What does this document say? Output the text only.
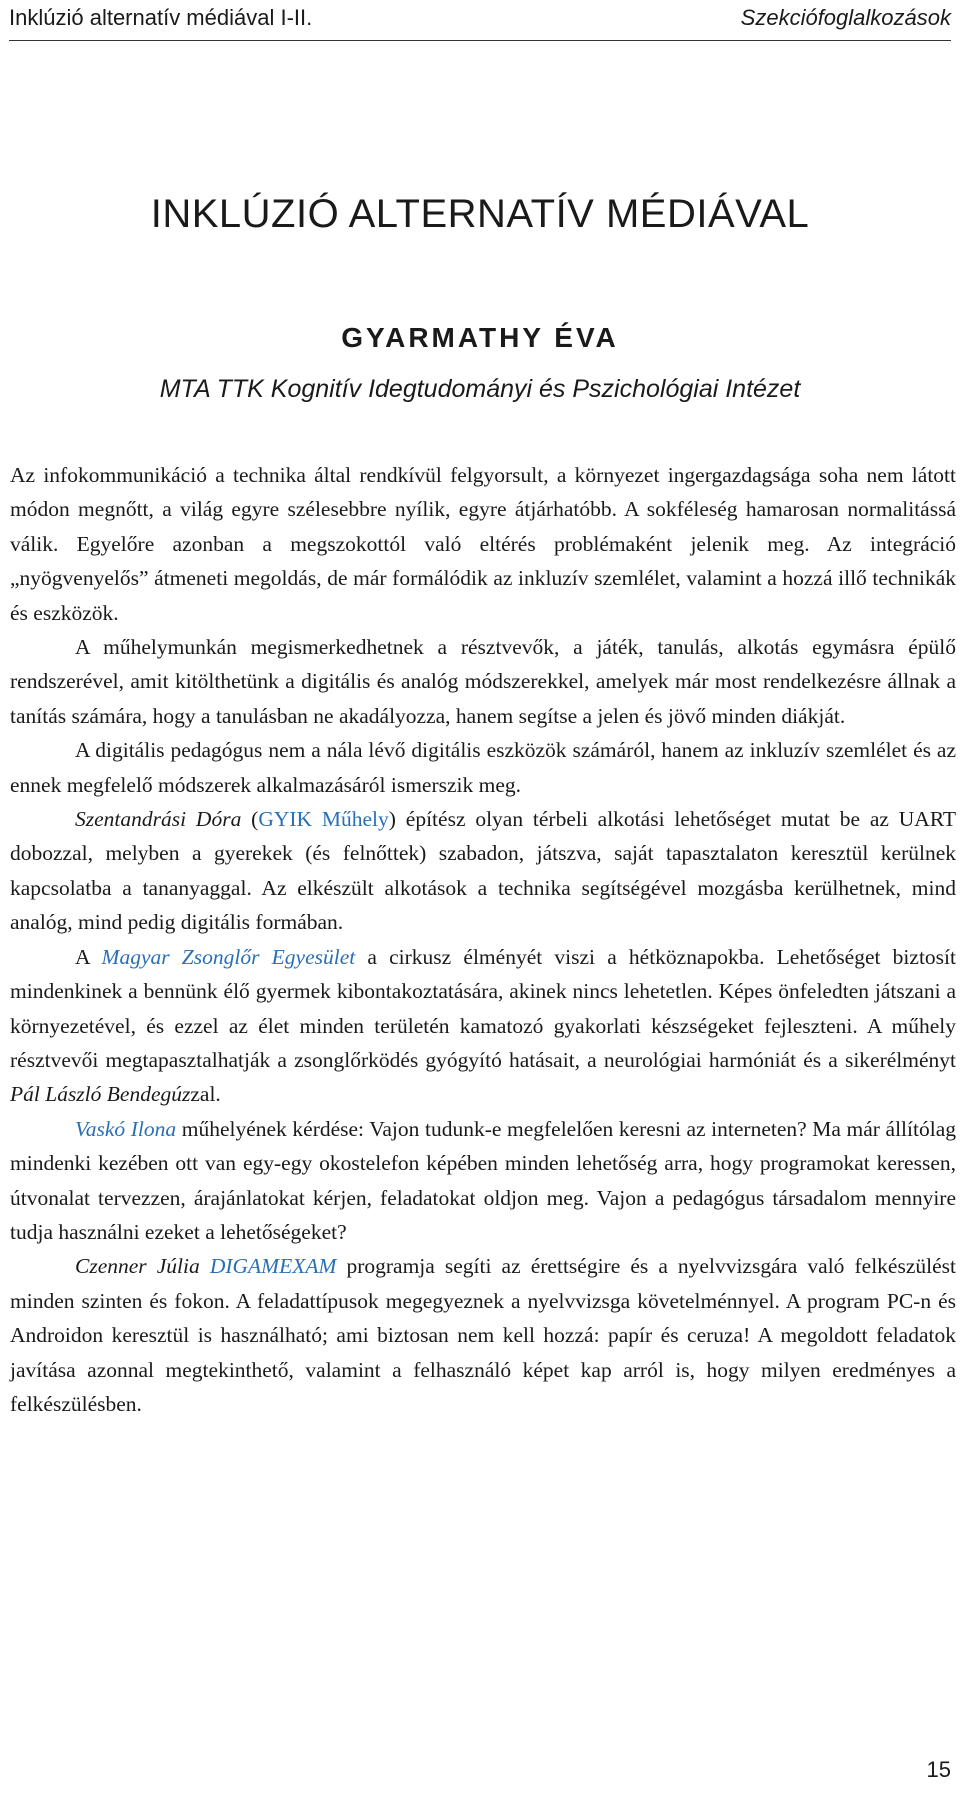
Inklúzió alternatív médiával I-II.	Szekciófoglalkozások
INKLÚZIÓ ALTERNATÍV MÉDIÁVAL
GYARMATHY ÉVA
MTA TTK Kognitív Idegtudományi és Pszichológiai Intézet

Az infokommunikáció a technika által rendkívül felgyorsult, a környezet ingergazdagsága soha nem látott módon megnőtt, a világ egyre szélesebbre nyílik, egyre átjárhatóbb. A sokféleség hamarosan normalitássá válik. Egyelőre azonban a megszokottól való eltérés problémaként jelenik meg. Az integráció „nyögvenyelős” átmeneti megoldás, de már formálódik az inkluzív szemlélet, valamint a hozzá illő technikák és eszközök.

A műhelymunkán megismerkedhetnek a résztvevők, a játék, tanulás, alkotás egymásra épülő rendszerével, amit kitölthetünk a digitális és analóg módszerekkel, amelyek már most rendelkezésre állnak a tanítás számára, hogy a tanulásban ne akadályozza, hanem segítse a jelen és jövő minden diákját.

A digitális pedagógus nem a nála lévő digitális eszközök számáról, hanem az inkluzív szemlélet és az ennek megfelelő módszerek alkalmazásáról ismerszik meg.

Szentandrási Dóra (GYIK Műhely) építész olyan térbeli alkotási lehetőséget mutat be az UART dobozzal, melyben a gyerekek (és felnőttek) szabadon, játszva, saját tapasztalaton keresztül kerülnek kapcsolatba a tananyaggal. Az elkészült alkotások a technika segítségével mozgásba kerülhetnek, mind analóg, mind pedig digitális formában.

A Magyar Zsonglőr Egyesület a cirkusz élményét viszi a hétköznapokba. Lehetőséget biztosít mindenkinek a bennünk élő gyermek kibontakoztatására, akinek nincs lehetetlen. Képes önfeledten játszani a környezetével, és ezzel az élet minden területén kamatozó gyakorlati készségeket fejleszteni. A műhely résztvevői megtapasztalhatják a zsonglőrködés gyógyító hatásait, a neurológiai harmóniát és a sikerélményt Pál László Bendegúzzal.

Vaskó Ilona műhelyének kérdése: Vajon tudunk-e megfelelően keresni az interneten? Ma már állítólag mindenki kezében ott van egy-egy okostelefon képében minden lehetőség arra, hogy programokat keressen, útvonalat tervezzen, árajánlatokat kérjen, feladatokat oldjon meg. Vajon a pedagógus társadalom mennyire tudja használni ezeket a lehetőségeket?

Czenner Júlia DIGAMEXAM programja segíti az érettségire és a nyelvvizsgára való felkészülést minden szinten és fokon. A feladattípusok megegyeznek a nyelvvizsga követelménnyel. A program PC-n és Androidon keresztül is használható; ami biztosan nem kell hozzá: papír és ceruza! A megoldott feladatok javítása azonnal megtekinthető, valamint a felhasználó képet kap arról is, hogy milyen eredményes a felkészülésben.

15
